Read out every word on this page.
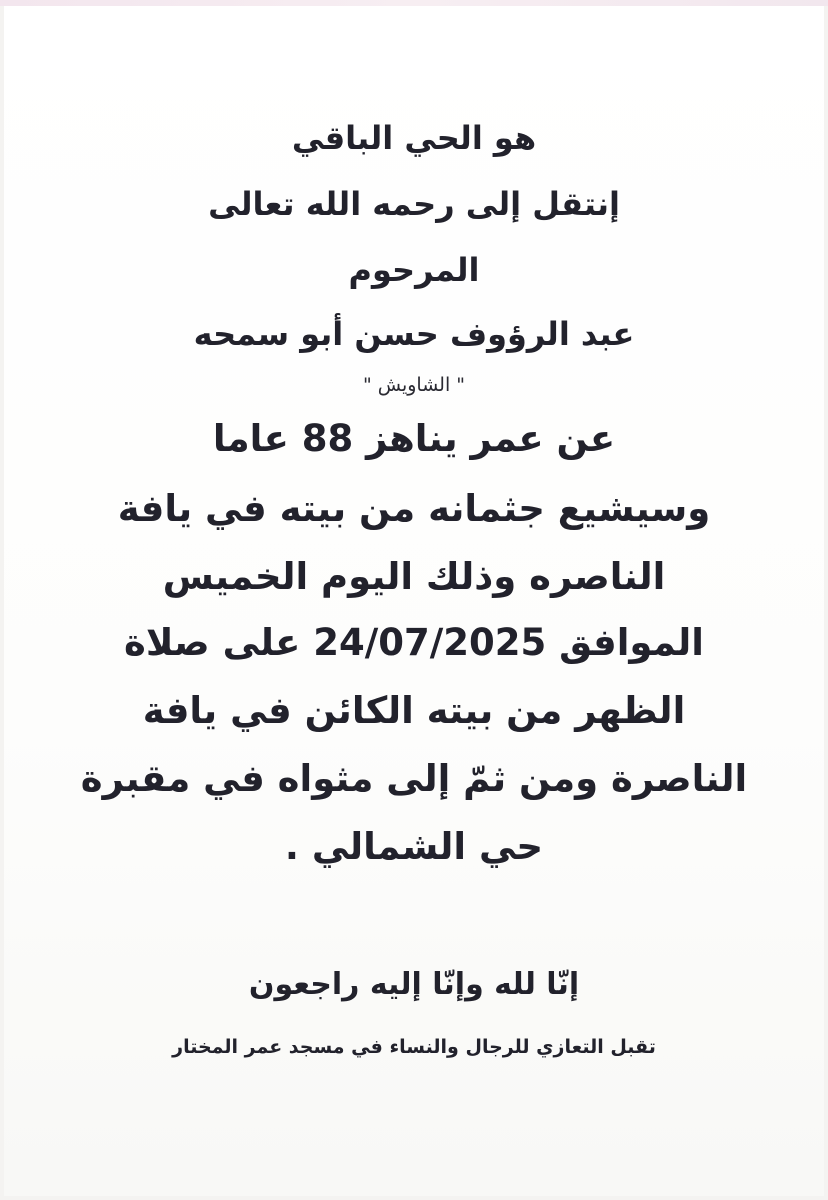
هو الحي الباقي

إنتقل إلى رحمه الله تعالى

المرحوم

عبد الرؤوف حسن أبو سمحه

" الشاويش "

عن عمر يناهز 88 عاما

وسيشيع جثمانه من بيته في يافة

الناصره وذلك اليوم الخميس

الموافق 24/07/2025 على صلاة

الظهر من بيته الكائن في يافة

الناصرة ومن ثمّ إلى مثواه في مقبرة

حي الشمالي .

إنّا لله وإنّا إليه راجعون

تقبل التعازي للرجال والنساء في مسجد عمر المختار
